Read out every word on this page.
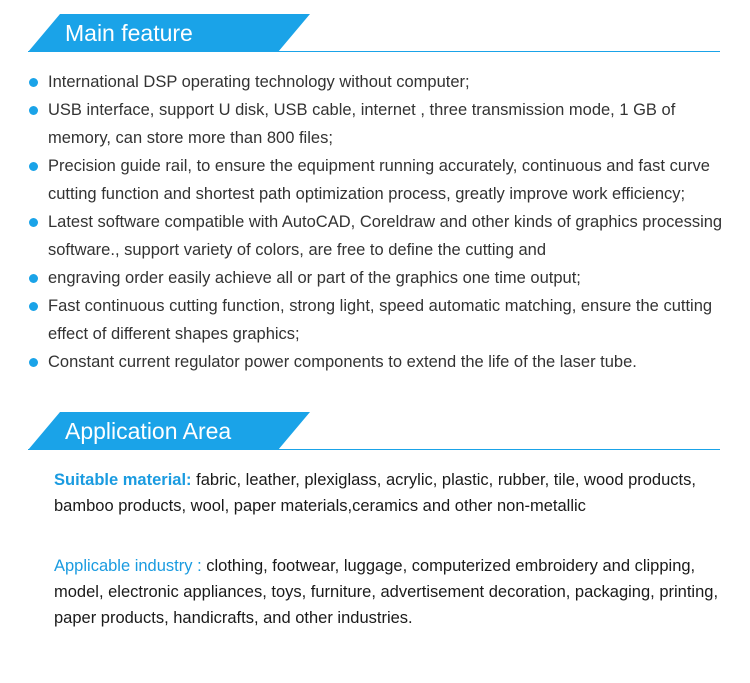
Main feature
International DSP operating technology without computer;
USB interface, support U disk, USB cable, internet , three transmission mode, 1 GB of memory, can store more than 800 files;
Precision guide rail, to ensure the equipment running accurately, continuous and fast curve cutting function and shortest path optimization process, greatly improve work efficiency;
Latest software compatible with AutoCAD, Coreldraw and other kinds of graphics processing software., support variety of colors, are free to define the cutting and
engraving order easily achieve all or part of the graphics one time output;
Fast continuous cutting function, strong light, speed automatic matching, ensure the cutting effect of different shapes graphics;
Constant current regulator power components to extend the life of the laser tube.
Application Area

Suitable material: fabric, leather, plexiglass, acrylic, plastic, rubber, tile, wood products, bamboo products, wool, paper materials,ceramics and other non-metallic

Applicable industry : clothing, footwear, luggage, computerized embroidery and clipping, model, electronic appliances, toys, furniture, advertisement decoration, packaging, printing, paper products, handicrafts, and other industries.
